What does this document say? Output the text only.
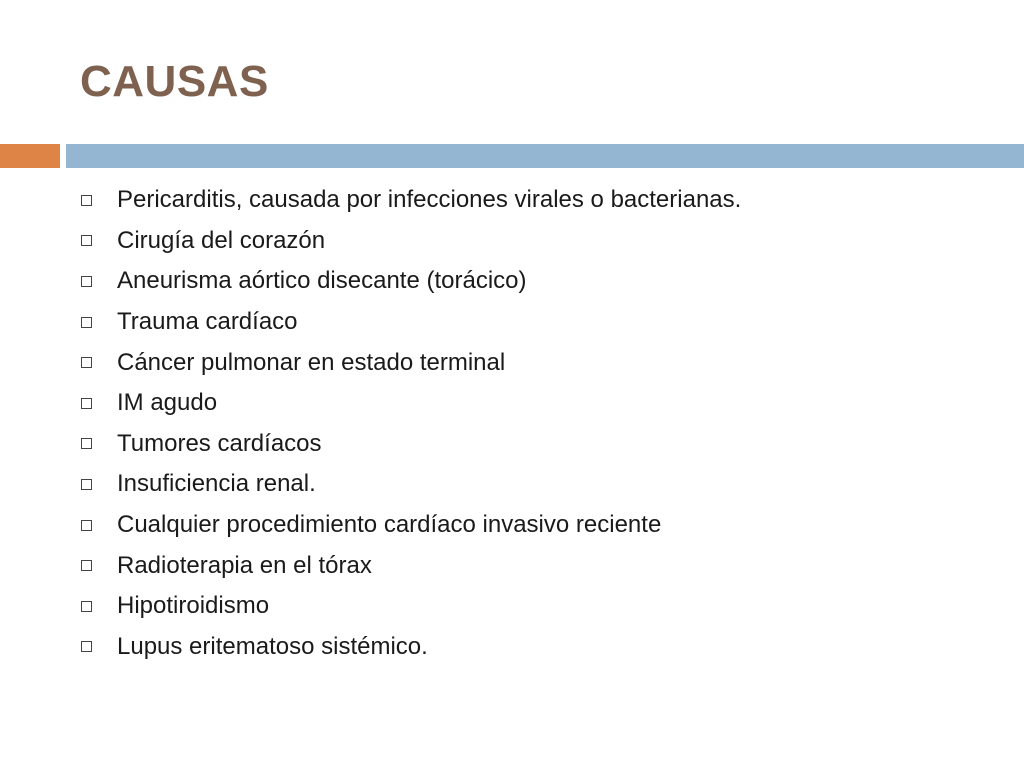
CAUSAS
Pericarditis, causada por infecciones virales o bacterianas.
Cirugía del corazón
Aneurisma aórtico disecante (torácico)
Trauma cardíaco
Cáncer pulmonar en estado terminal
IM agudo
Tumores cardíacos
Insuficiencia renal.
Cualquier procedimiento cardíaco invasivo reciente
Radioterapia en el tórax
Hipotiroidismo
Lupus eritematoso sistémico.
